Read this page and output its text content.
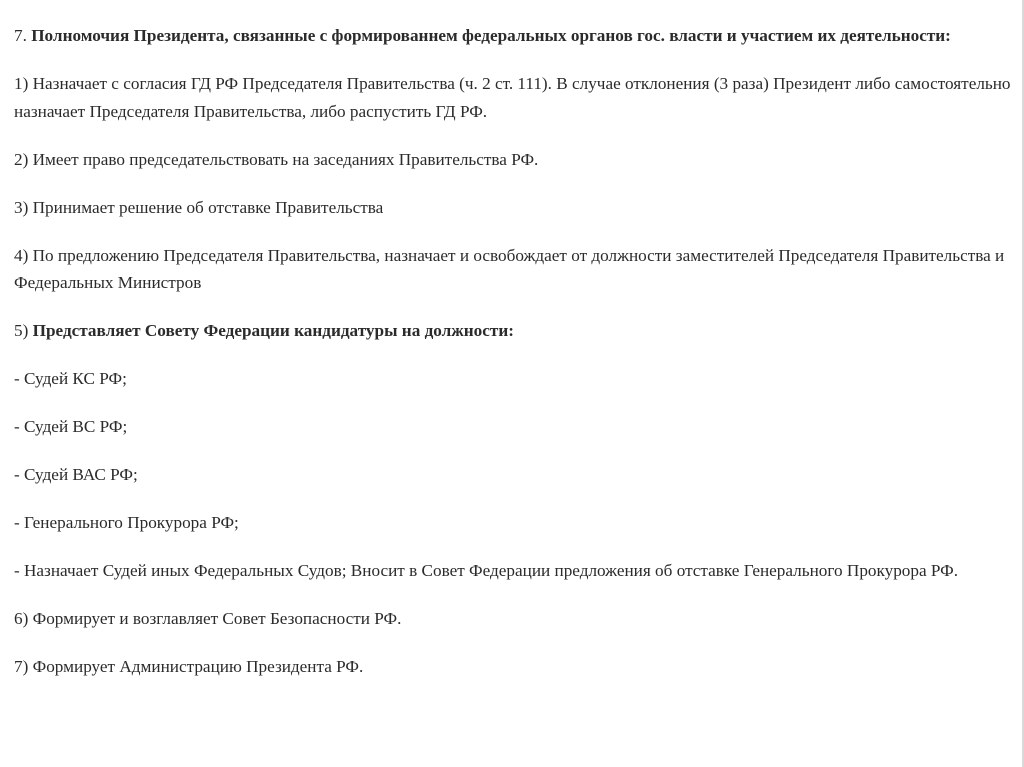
7. Полномочия Президента, связанные с формированнем федеральных органов гос. власти и участием их деятельности:

1) Назначает с согласия ГД РФ Председателя Правительства (ч. 2 ст. 111). В случае отклонения (3 раза) Президент либо самостоятельно назначает Председателя Правительства, либо распустить ГД РФ.

2) Имеет право председательствовать на заседаниях Правительства РФ.

3) Принимает решение об отставке Правительства

4) По предложению Председателя Правительства, назначает и освобождает от должности заместителей Председателя Правительства и Федеральных Министров

5) Представляет Совету Федерации кандидатуры на должности:

- Судей КС РФ;

- Судей ВС РФ;

- Судей ВАС РФ;

- Генерального Прокурора РФ;

- Назначает Судей иных Федеральных Судов; Вносит в Совет Федерации предложения об отставке Генерального Прокурора РФ.

6) Формирует и возглавляет Совет Безопасности РФ.

7) Формирует Администрацию Президента РФ.
